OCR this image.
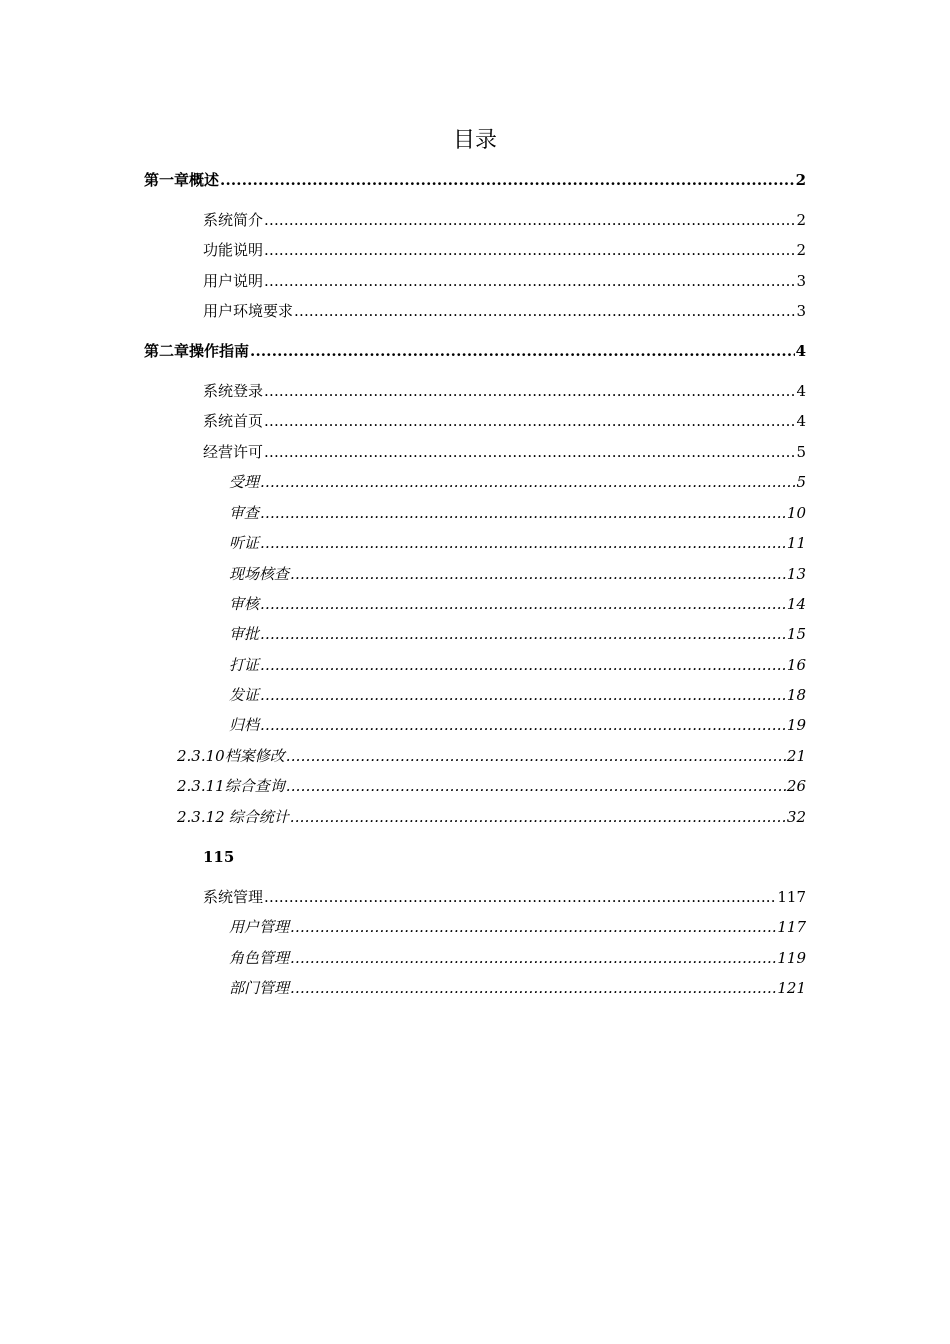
目录
第一章 概述 .....	2
系统简介 .....	2
功能说明 .....	2
用户说明 .....	3
用户环境要求 .....	3
第二章 操作指南 .....	4
系统登录 .....	4
系统首页 .....	4
经营许可 .....	5
受理 .....	5
审查 .....	10
听证 .....	11
现场核查 .....	13
审核 .....	14
审批 .....	15
打证 .....	16
发证 .....	18
归档 .....	19
2.3.10 档案修改 .....	21
2.3.11 综合查询 .....	26
2.3.12 综合统计 .....	32
115
系统管理 .....	117
用户管理 .....	117
角色管理 .....	119
部门管理 .....	121
